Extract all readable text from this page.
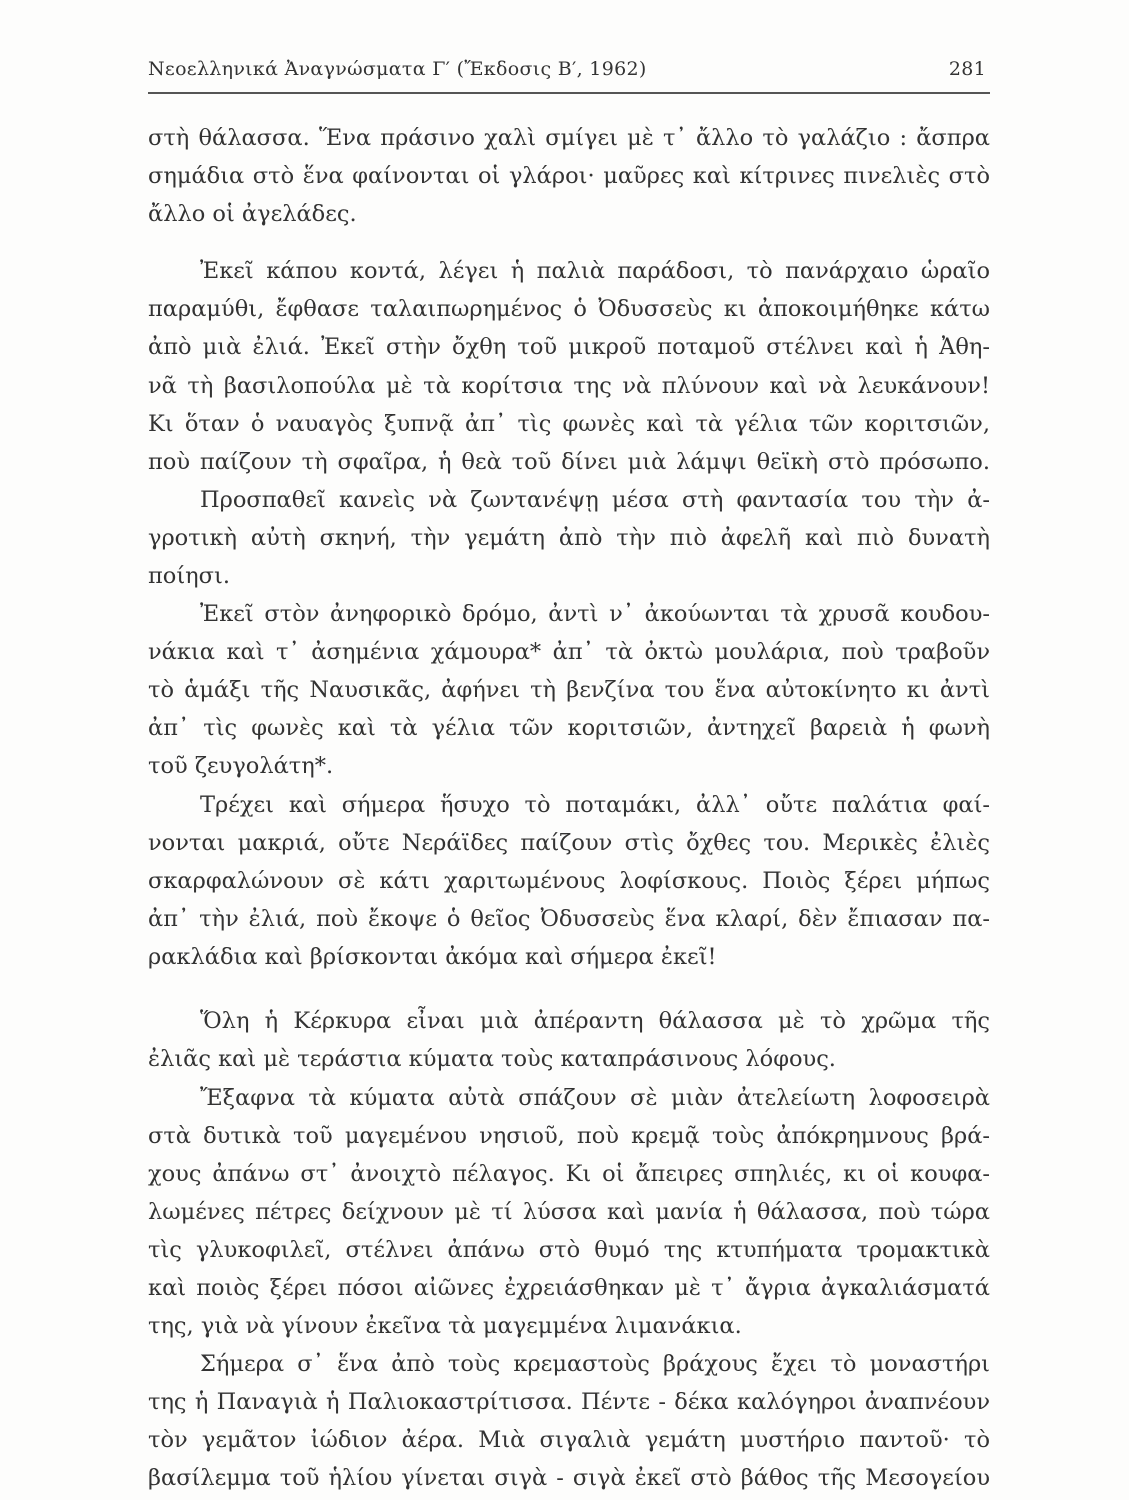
Νεοελληνικά Ἀναγνώσματα Γ′ (Ἔκδοσις Β′, 1962)	281
στὴ θάλασσα. Ἕνα πράσινο χαλὶ σμίγει μὲ τ᾽ ἄλλο τὸ γαλάζιο : ἄσπρα
σημάδια στὸ ἕνα φαίνονται οἱ γλάροι· μαῦρες καὶ κίτρινες πινελιὲς στὸ
ἄλλο οἱ ἀγελάδες.
Ἐκεῖ κάπου κοντά, λέγει ἡ παλιὰ παράδοσι, τὸ πανάρχαιο ὡραῖο
παραμύθι, ἔφθασε ταλαιπωρημένος ὁ Ὀδυσσεὺς κι ἀποκοιμήθηκε κάτω
ἀπὸ μιὰ ἐλιά. Ἐκεῖ στὴν ὄχθη τοῦ μικροῦ ποταμοῦ στέλνει καὶ ἡ Ἀθη-
νᾶ τὴ βασιλοπούλα μὲ τὰ κορίτσια της νὰ πλύνουν καὶ νὰ λευκάνουν!
Κι ὅταν ὁ ναυαγὸς ξυπνᾷ ἀπ᾽ τὶς φωνὲς καὶ τὰ γέλια τῶν κοριτσιῶν,
ποὺ παίζουν τὴ σφαῖρα, ἡ θεὰ τοῦ δίνει μιὰ λάμψι θεϊκὴ στὸ πρόσωπο.
Προσπαθεῖ κανεὶς νὰ ζωντανέψῃ μέσα στὴ φαντασία του τὴν ἀ-
γροτικὴ αὐτὴ σκηνή, τὴν γεμάτη ἀπὸ τὴν πιὸ ἀφελῆ καὶ πιὸ δυνατὴ
ποίησι.
Ἐκεῖ στὸν ἀνηφορικὸ δρόμο, ἀντὶ ν᾽ ἀκούωνται τὰ χρυσᾶ κουδου-
νάκια καὶ τ᾽ ἀσημένια χάμουρα* ἀπ᾽ τὰ ὀκτὼ μουλάρια, ποὺ τραβοῦν
τὸ ἁμάξι τῆς Ναυσικᾶς, ἀφήνει τὴ βενζίνα του ἕνα αὐτοκίνητο κι ἀντὶ
ἀπ᾽ τὶς φωνὲς καὶ τὰ γέλια τῶν κοριτσιῶν, ἀντηχεῖ βαρειὰ ἡ φωνὴ
τοῦ ζευγολάτη*.
Τρέχει καὶ σήμερα ἥσυχο τὸ ποταμάκι, ἀλλ᾽ οὔτε παλάτια φαί-
νονται μακριά, οὔτε Νεράϊδες παίζουν στὶς ὄχθες του. Μερικὲς ἐλιὲς
σκαρφαλώνουν σὲ κάτι χαριτωμένους λοφίσκους. Ποιὸς ξέρει μήπως
ἀπ᾽ τὴν ἐλιά, ποὺ ἔκοψε ὁ θεῖος Ὀδυσσεὺς ἕνα κλαρί, δὲν ἔπιασαν πα-
ρακλάδια καὶ βρίσκονται ἀκόμα καὶ σήμερα ἐκεῖ!
Ὅλη ἡ Κέρκυρα εἶναι μιὰ ἀπέραντη θάλασσα μὲ τὸ χρῶμα τῆς
ἐλιᾶς καὶ μὲ τεράστια κύματα τοὺς καταπράσινους λόφους.
Ἔξαφνα τὰ κύματα αὐτὰ σπάζουν σὲ μιὰν ἀτελείωτη λοφοσειρὰ
στὰ δυτικὰ τοῦ μαγεμένου νησιοῦ, ποὺ κρεμᾷ τοὺς ἀπόκρημνους βρά-
χους ἀπάνω στ᾽ ἀνοιχτὸ πέλαγος. Κι οἱ ἄπειρες σπηλιές, κι οἱ κουφα-
λωμένες πέτρες δείχνουν μὲ τί λύσσα καὶ μανία ἡ θάλασσα, ποὺ τώρα
τὶς γλυκοφιλεῖ, στέλνει ἀπάνω στὸ θυμό της κτυπήματα τρομακτικὰ
καὶ ποιὸς ξέρει πόσοι αἰῶνες ἐχρειάσθηκαν μὲ τ᾽ ἄγρια ἀγκαλιάσματά
της, γιὰ νὰ γίνουν ἐκεῖνα τὰ μαγεμμένα λιμανάκια.
Σήμερα σ᾽ ἕνα ἀπὸ τοὺς κρεμαστοὺς βράχους ἔχει τὸ μοναστήρι
της ἡ Παναγιὰ ἡ Παλιοκαστρίτισσα. Πέντε - δέκα καλόγηροι ἀναπνέουν
τὸν γεμᾶτον ἰώδιον ἀέρα. Μιὰ σιγαλιὰ γεμάτη μυστήριο παντοῦ· τὸ
βασίλεμμα τοῦ ἡλίου γίνεται σιγὰ - σιγὰ ἐκεῖ στὸ βάθος τῆς Μεσογείου
